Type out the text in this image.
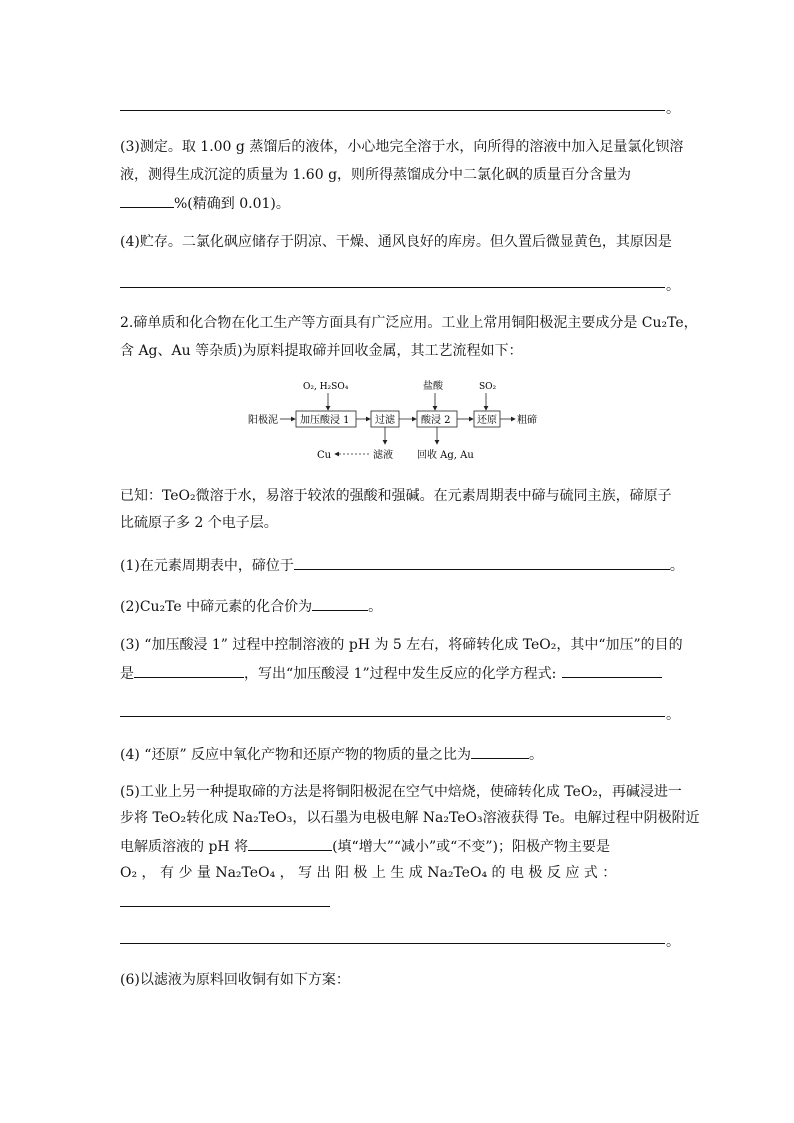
。
(3)测定。取 1.00 g 蒸馏后的液体，小心地完全溶于水，向所得的溶液中加入足量氯化钡溶
液，测得生成沉淀的质量为 1.60 g，则所得蒸馏成分中二氯化砜的质量百分含量为
%(精确到 0.01)。
(4)贮存。二氯化砜应储存于阴凉、干燥、通风良好的库房。但久置后微显黄色，其原因是
。
2.碲单质和化合物在化工生产等方面具有广泛应用。工业上常用铜阳极泥主要成分是 Cu₂Te，
含 Ag、Au 等杂质)为原料提取碲并回收金属，其工艺流程如下：
阳极泥
O₂, H₂SO₄
加压酸浸 1	过滤
滤液
Cu
盐酸
酸浸 2
回收 Ag, Au
SO₂
还原 粗碲
已知：TeO₂微溶于水，易溶于较浓的强酸和强碱。在元素周期表中碲与硫同主族，碲原子
比硫原子多 2 个电子层。
(1)在元素周期表中，碲位于	。
(2)Cu₂Te 中碲元素的化合价为	。
(3) “加压酸浸 1” 过程中控制溶液的 pH 为 5 左右，将碲转化成 TeO₂，其中“加压”的目的
是	，写出“加压酸浸 1”过程中发生反应的化学方程式:
。
(4) “还原” 反应中氧化产物和还原产物的物质的量之比为	。
(5)工业上另一种提取碲的方法是将铜阳极泥在空气中焙烧，使碲转化成 TeO₂，再碱浸进一
步将 TeO₂转化成 Na₂TeO₃，以石墨为电极电解 Na₂TeO₃溶液获得 Te。电解过程中阴极附近
电解质溶液的 pH 将	(填“增大”“减小”或“不变”)；阳极产物主要是
O₂ ， 有 少 量 Na₂TeO₄ ， 写 出 阳 极 上 生 成 Na₂TeO₄ 的 电 极 反 应 式 ：
。
(6)以滤液为原料回收铜有如下方案：
